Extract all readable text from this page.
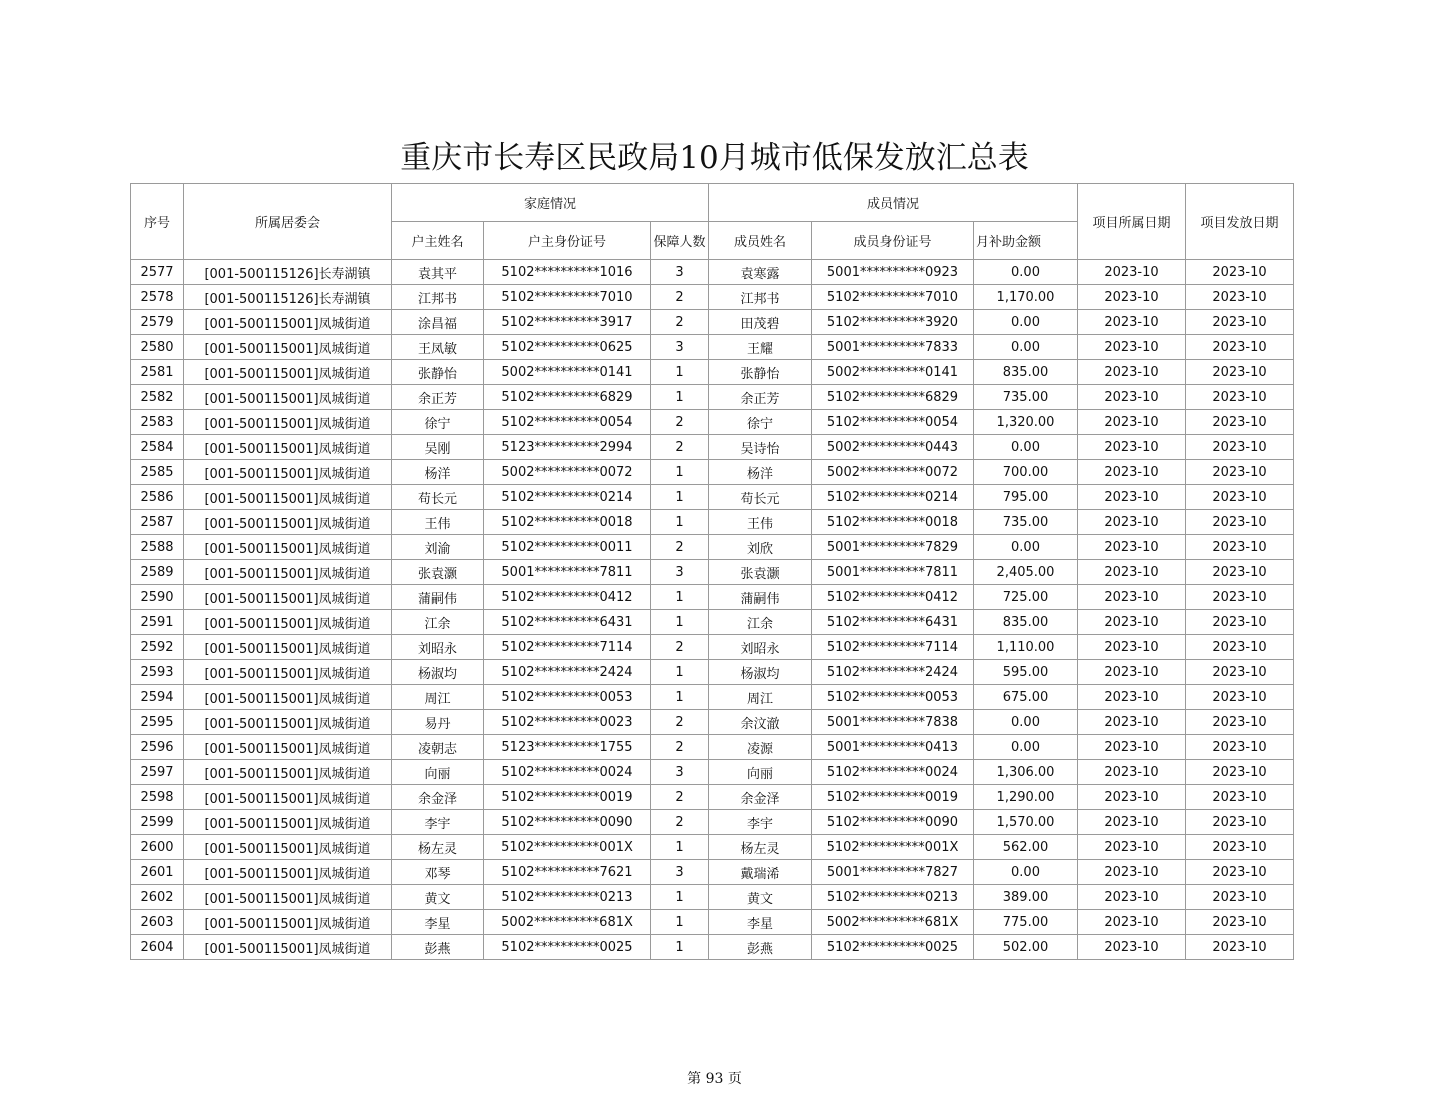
重庆市长寿区民政局10月城市低保发放汇总表
序号	所属居委会	家庭情况			成员情况			项目所属日期	项目发放日期
		户主姓名	户主身份证号	保障人数	成员姓名	成员身份证号	月补助金额		
2577	[001-500115126]长寿湖镇	袁其平	5102**********1016	3	袁寒露	5001**********0923	0.00	2023-10	2023-10
2578	[001-500115126]长寿湖镇	江邦书	5102**********7010	2	江邦书	5102**********7010	1,170.00	2023-10	2023-10
2579	[001-500115001]凤城街道	涂昌福	5102**********3917	2	田茂碧	5102**********3920	0.00	2023-10	2023-10
2580	[001-500115001]凤城街道	王凤敏	5102**********0625	3	王耀	5001**********7833	0.00	2023-10	2023-10
2581	[001-500115001]凤城街道	张静怡	5002**********0141	1	张静怡	5002**********0141	835.00	2023-10	2023-10
2582	[001-500115001]凤城街道	余正芳	5102**********6829	1	余正芳	5102**********6829	735.00	2023-10	2023-10
2583	[001-500115001]凤城街道	徐宁	5102**********0054	2	徐宁	5102**********0054	1,320.00	2023-10	2023-10
2584	[001-500115001]凤城街道	吴刚	5123**********2994	2	吴诗怡	5002**********0443	0.00	2023-10	2023-10
2585	[001-500115001]凤城街道	杨洋	5002**********0072	1	杨洋	5002**********0072	700.00	2023-10	2023-10
2586	[001-500115001]凤城街道	苟长元	5102**********0214	1	苟长元	5102**********0214	795.00	2023-10	2023-10
2587	[001-500115001]凤城街道	王伟	5102**********0018	1	王伟	5102**********0018	735.00	2023-10	2023-10
2588	[001-500115001]凤城街道	刘渝	5102**********0011	2	刘欣	5001**********7829	0.00	2023-10	2023-10
2589	[001-500115001]凤城街道	张袁灏	5001**********7811	3	张袁灏	5001**********7811	2,405.00	2023-10	2023-10
2590	[001-500115001]凤城街道	蒲嗣伟	5102**********0412	1	蒲嗣伟	5102**********0412	725.00	2023-10	2023-10
2591	[001-500115001]凤城街道	江余	5102**********6431	1	江余	5102**********6431	835.00	2023-10	2023-10
2592	[001-500115001]凤城街道	刘昭永	5102**********7114	2	刘昭永	5102**********7114	1,110.00	2023-10	2023-10
2593	[001-500115001]凤城街道	杨淑均	5102**********2424	1	杨淑均	5102**********2424	595.00	2023-10	2023-10
2594	[001-500115001]凤城街道	周江	5102**********0053	1	周江	5102**********0053	675.00	2023-10	2023-10
2595	[001-500115001]凤城街道	易丹	5102**********0023	2	余汶澈	5001**********7838	0.00	2023-10	2023-10
2596	[001-500115001]凤城街道	凌朝志	5123**********1755	2	凌源	5001**********0413	0.00	2023-10	2023-10
2597	[001-500115001]凤城街道	向丽	5102**********0024	3	向丽	5102**********0024	1,306.00	2023-10	2023-10
2598	[001-500115001]凤城街道	余金泽	5102**********0019	2	余金泽	5102**********0019	1,290.00	2023-10	2023-10
2599	[001-500115001]凤城街道	李宇	5102**********0090	2	李宇	5102**********0090	1,570.00	2023-10	2023-10
2600	[001-500115001]凤城街道	杨左灵	5102**********001X	1	杨左灵	5102**********001X	562.00	2023-10	2023-10
2601	[001-500115001]凤城街道	邓琴	5102**********7621	3	戴瑞浠	5001**********7827	0.00	2023-10	2023-10
2602	[001-500115001]凤城街道	黄文	5102**********0213	1	黄文	5102**********0213	389.00	2023-10	2023-10
2603	[001-500115001]凤城街道	李星	5002**********681X	1	李星	5002**********681X	775.00	2023-10	2023-10
2604	[001-500115001]凤城街道	彭燕	5102**********0025	1	彭燕	5102**********0025	502.00	2023-10	2023-10
第 93 页
